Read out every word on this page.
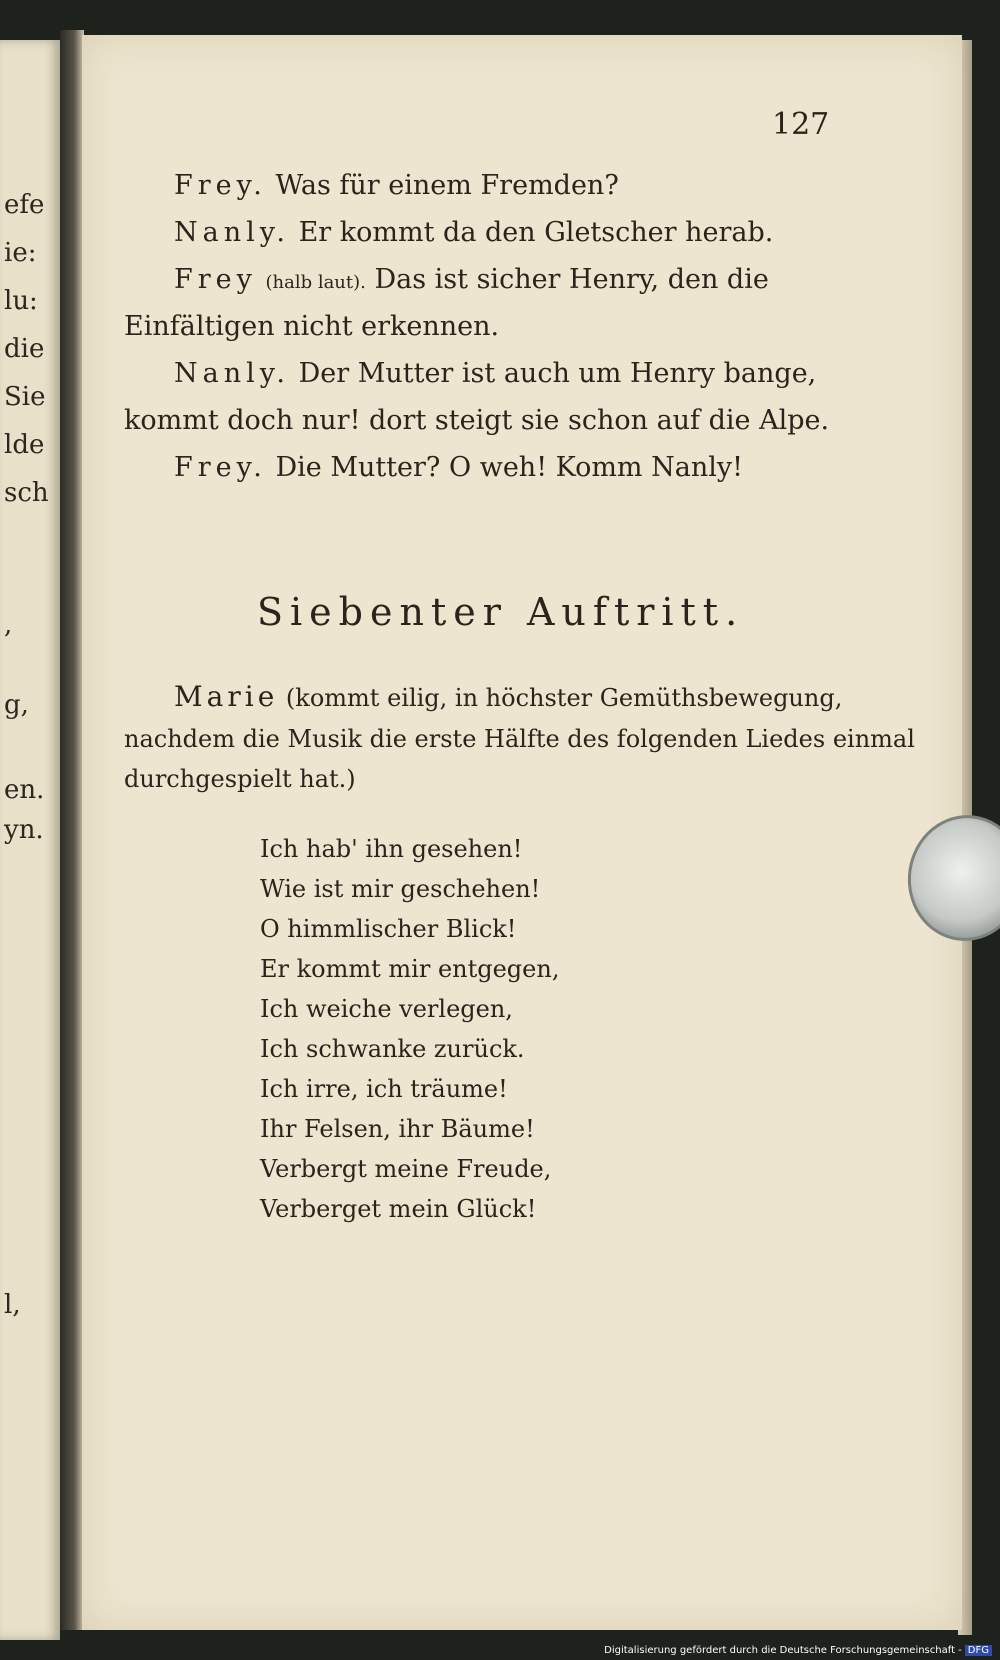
efe
ie:
lu:
die
Sie
lde
sch
,
g,
en.
yn.
l,
127
Frey. Was für einem Fremden?
Nanly. Er kommt da den Gletscher herab.
Frey (halb laut). Das ist sicher Henry, den die
Einfältigen nicht erkennen.
Nanly. Der Mutter ist auch um Henry bange,
kommt doch nur! dort steigt sie schon auf die Alpe.
Frey. Die Mutter? O weh! Komm Nanly!
Siebenter Auftritt.
Marie (kommt eilig, in höchster Gemüthsbewegung,
nachdem die Musik die erste Hälfte des folgenden Liedes einmal
durchgespielt hat.)
Ich hab' ihn gesehen!
Wie ist mir geschehen!
O himmlischer Blick!
Er kommt mir entgegen,
Ich weiche verlegen,
Ich schwanke zurück.
Ich irre, ich träume!
Ihr Felsen, ihr Bäume!
Verbergt meine Freude,
Verberget mein Glück!
Digitalisierung gefördert durch die Deutsche Forschungsgemeinschaft - DFG
